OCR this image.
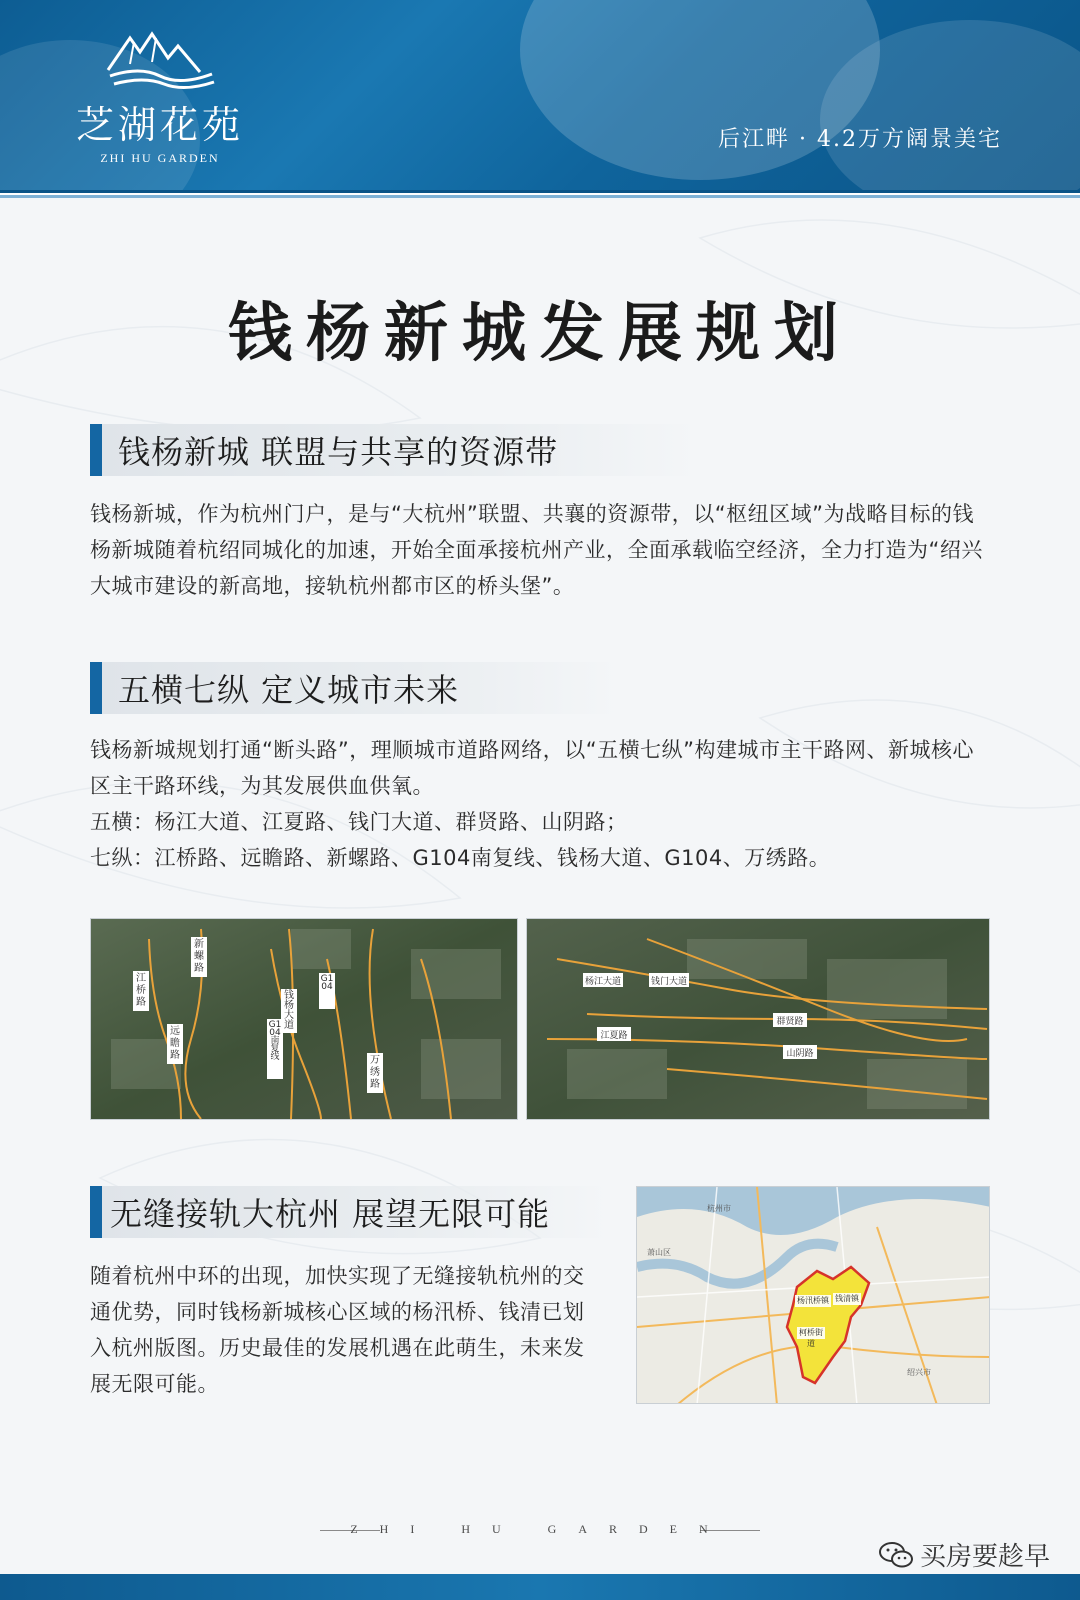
芝湖花苑
ZHI HU GARDEN
后江畔 · 4.2万方阔景美宅
钱杨新城发展规划
钱杨新城 联盟与共享的资源带
钱杨新城，作为杭州门户，是与“大杭州”联盟、共襄的资源带，以“枢纽区域”为战略目标的钱杨新城随着杭绍同城化的加速，开始全面承接杭州产业，全面承载临空经济，全力打造为“绍兴大城市建设的新高地，接轨杭州都市区的桥头堡”。
五横七纵 定义城市未来
钱杨新城规划打通“断头路”，理顺城市道路网络，以“五横七纵”构建城市主干路网、新城核心区主干路环线，为其发展供血供氧。
五横：杨江大道、江夏路、钱门大道、群贤路、山阴路；
七纵：江桥路、远瞻路、新螺路、G104南复线、钱杨大道、G104、万绣路。
新螺路
江桥路
远瞻路
钱杨大道
G104南复线
G104
万绣路
杨江大道	钱门大道
江夏路
群贤路
山阴路
无缝接轨大杭州 展望无限可能
随着杭州中环的出现，加快实现了无缝接轨杭州的交通优势，同时钱杨新城核心区域的杨汛桥、钱清已划入杭州版图。历史最佳的发展机遇在此萌生，未来发展无限可能。
杨汛桥镇 钱清镇
柯桥街道
杭州市
萧山区
绍兴市
ZHI HU GARDEN
买房要趁早
